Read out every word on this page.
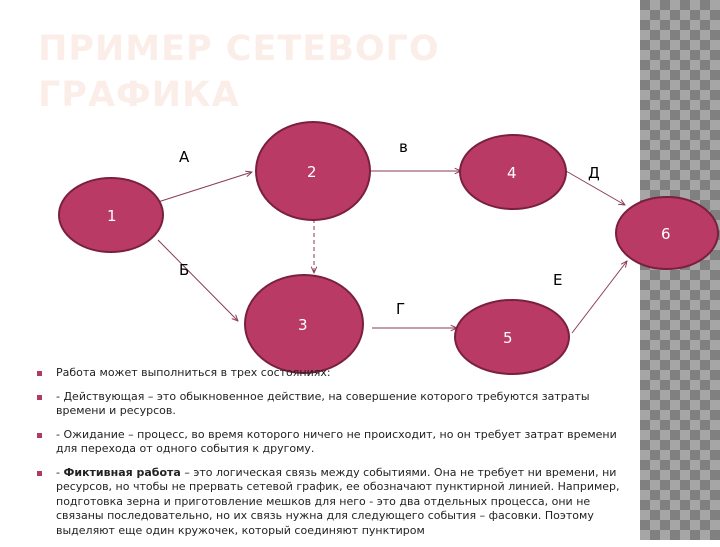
ПРИМЕР СЕТЕВОГО ГРАФИКА
1
2
3
4
5
6
А
Б
в
Г
Д
Е
Работа может выполниться в трех состояниях:
- Действующая – это обыкновенное действие, на совершение которого требуются затраты времени и ресурсов.
- Ожидание – процесс, во время которого ничего не происходит, но он требует затрат времени для перехода от одного события к другому.
- Фиктивная работа – это логическая связь между событиями. Она не требует ни времени, ни ресурсов, но чтобы не прервать сетевой график, ее обозначают пунктирной линией. Например, подготовка зерна и приготовление мешков для него - это два отдельных процесса, они не связаны последовательно, но их связь нужна для следующего события – фасовки. Поэтому выделяют еще один кружочек, который соединяют пунктиром
